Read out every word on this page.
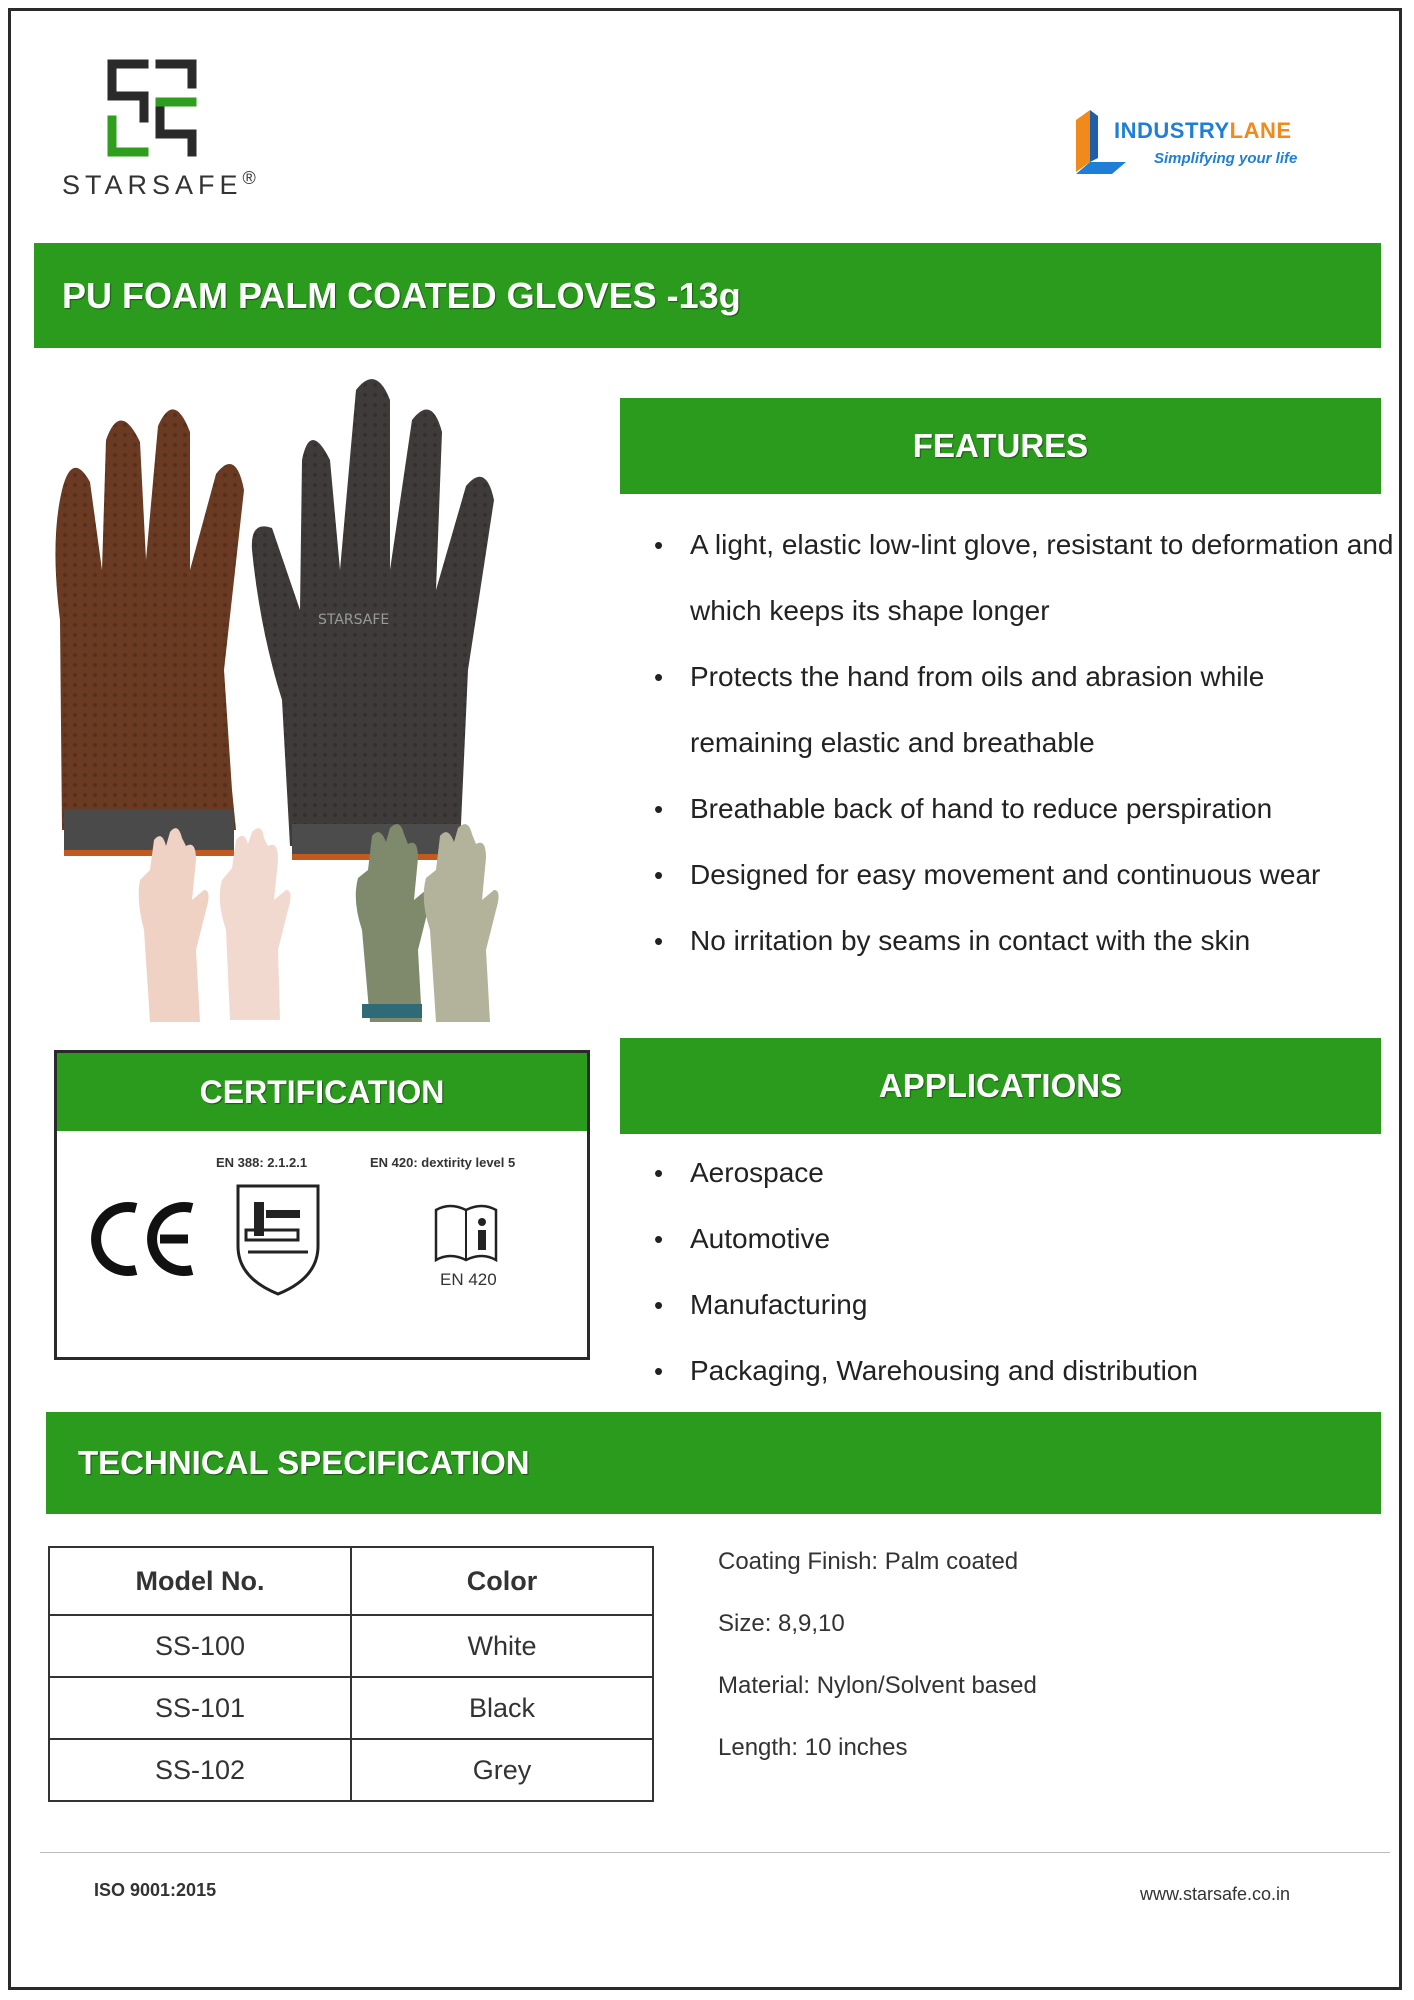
STARSAFE®
INDUSTRYLANE
Simplifying your life
PU FOAM PALM COATED GLOVES -13g
STARSAFE
FEATURES
• A light, elastic low-lint glove, resistant to deformation and which keeps its shape longer
• Protects the hand from oils and abrasion while remaining elastic and breathable
• Breathable back of hand to reduce perspiration
• Designed for easy movement and continuous wear
• No irritation by seams in contact with the skin
CERTIFICATION
EN 388: 2.1.2.1	EN 420: dextirity level 5
EN 420
APPLICATIONS
• Aerospace
• Automotive
• Manufacturing
• Packaging, Warehousing and distribution
TECHNICAL SPECIFICATION
Model No.	Color
SS-100	White
SS-101	Black
SS-102	Grey
Coating Finish: Palm coated
Size: 8,9,10
Material: Nylon/Solvent based
Length: 10 inches
ISO 9001:2015	www.starsafe.co.in
